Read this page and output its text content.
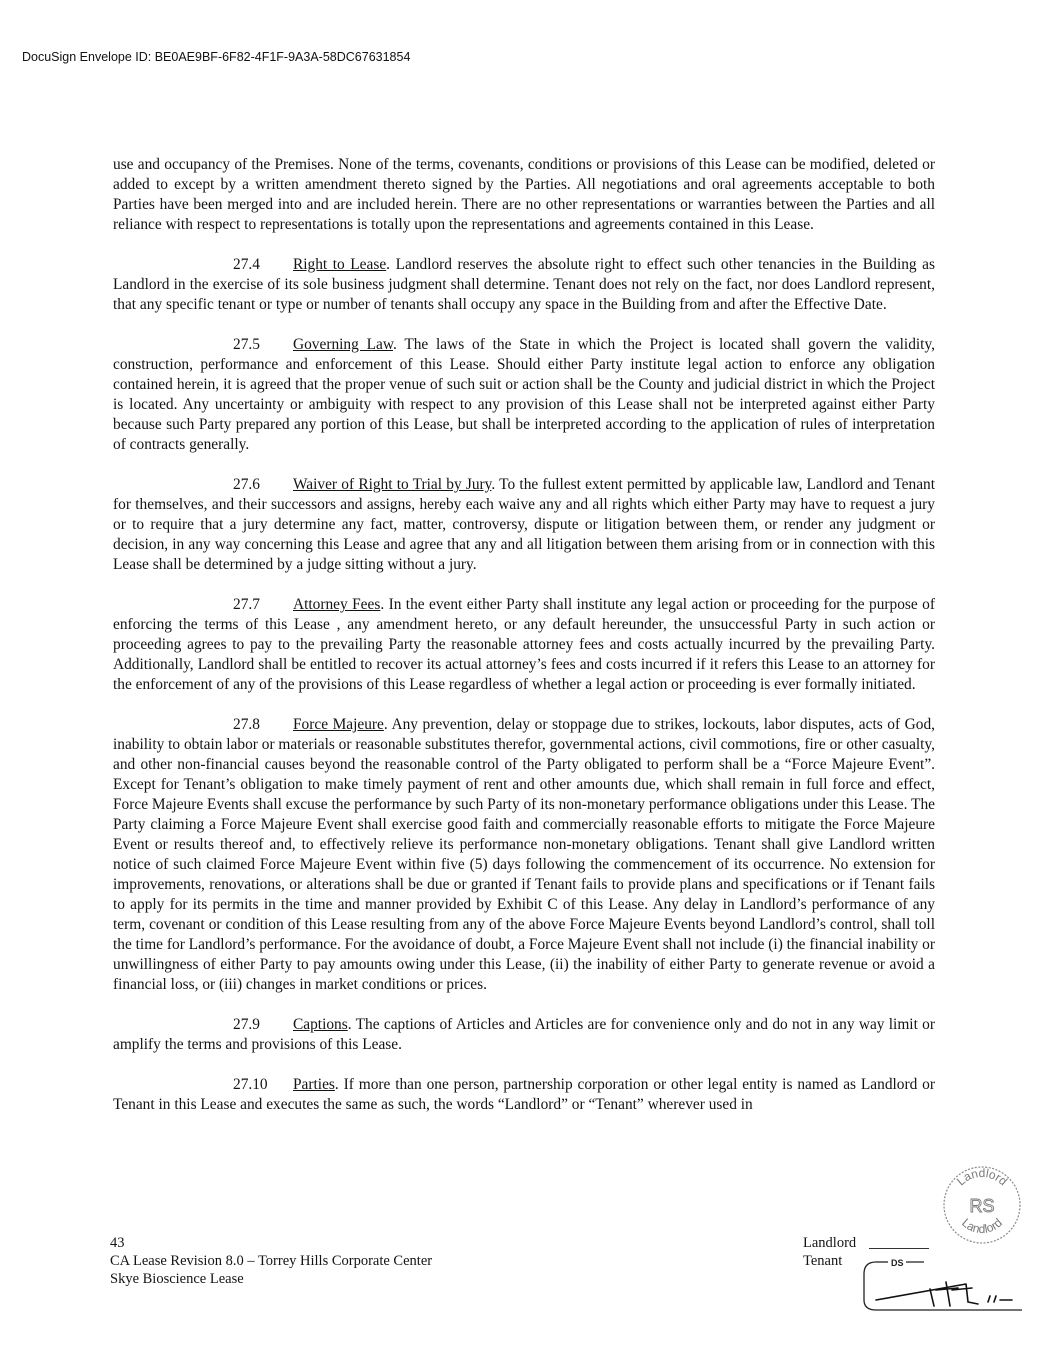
DocuSign Envelope ID: BE0AE9BF-6F82-4F1F-9A3A-58DC67631854

use and occupancy of the Premises. None of the terms, covenants, conditions or provisions of this Lease can be modified, deleted or added to except by a written amendment thereto signed by the Parties. All negotiations and oral agreements acceptable to both Parties have been merged into and are included herein. There are no other representations or warranties between the Parties and all reliance with respect to representations is totally upon the representations and agreements contained in this Lease.

27.4 Right to Lease. Landlord reserves the absolute right to effect such other tenancies in the Building as Landlord in the exercise of its sole business judgment shall determine. Tenant does not rely on the fact, nor does Landlord represent, that any specific tenant or type or number of tenants shall occupy any space in the Building from and after the Effective Date.

27.5 Governing Law. The laws of the State in which the Project is located shall govern the validity, construction, performance and enforcement of this Lease. Should either Party institute legal action to enforce any obligation contained herein, it is agreed that the proper venue of such suit or action shall be the County and judicial district in which the Project is located. Any uncertainty or ambiguity with respect to any provision of this Lease shall not be interpreted against either Party because such Party prepared any portion of this Lease, but shall be interpreted according to the application of rules of interpretation of contracts generally.

27.6 Waiver of Right to Trial by Jury. To the fullest extent permitted by applicable law, Landlord and Tenant for themselves, and their successors and assigns, hereby each waive any and all rights which either Party may have to request a jury or to require that a jury determine any fact, matter, controversy, dispute or litigation between them, or render any judgment or decision, in any way concerning this Lease and agree that any and all litigation between them arising from or in connection with this Lease shall be determined by a judge sitting without a jury.

27.7 Attorney Fees. In the event either Party shall institute any legal action or proceeding for the purpose of enforcing the terms of this Lease , any amendment hereto, or any default hereunder, the unsuccessful Party in such action or proceeding agrees to pay to the prevailing Party the reasonable attorney fees and costs actually incurred by the prevailing Party. Additionally, Landlord shall be entitled to recover its actual attorney’s fees and costs incurred if it refers this Lease to an attorney for the enforcement of any of the provisions of this Lease regardless of whether a legal action or proceeding is ever formally initiated.

27.8 Force Majeure. Any prevention, delay or stoppage due to strikes, lockouts, labor disputes, acts of God, inability to obtain labor or materials or reasonable substitutes therefor, governmental actions, civil commotions, fire or other casualty, and other non-financial causes beyond the reasonable control of the Party obligated to perform shall be a “Force Majeure Event”. Except for Tenant’s obligation to make timely payment of rent and other amounts due, which shall remain in full force and effect, Force Majeure Events shall excuse the performance by such Party of its non-monetary performance obligations under this Lease. The Party claiming a Force Majeure Event shall exercise good faith and commercially reasonable efforts to mitigate the Force Majeure Event or results thereof and, to effectively relieve its performance non-monetary obligations. Tenant shall give Landlord written notice of such claimed Force Majeure Event within five (5) days following the commencement of its occurrence. No extension for improvements, renovations, or alterations shall be due or granted if Tenant fails to provide plans and specifications or if Tenant fails to apply for its permits in the time and manner provided by Exhibit C of this Lease. Any delay in Landlord’s performance of any term, covenant or condition of this Lease resulting from any of the above Force Majeure Events beyond Landlord’s control, shall toll the time for Landlord’s performance. For the avoidance of doubt, a Force Majeure Event shall not include (i) the financial inability or unwillingness of either Party to pay amounts owing under this Lease, (ii) the inability of either Party to generate revenue or avoid a financial loss, or (iii) changes in market conditions or prices.

27.9 Captions. The captions of Articles and Articles are for convenience only and do not in any way limit or amplify the terms and provisions of this Lease.

27.10 Parties. If more than one person, partnership corporation or other legal entity is named as Landlord or Tenant in this Lease and executes the same as such, the words “Landlord” or “Tenant” wherever used in

43
CA Lease Revision 8.0 – Torrey Hills Corporate Center
Skye Bioscience Lease
Landlord
Tenant
Landlord
RS
Landlord
DS
